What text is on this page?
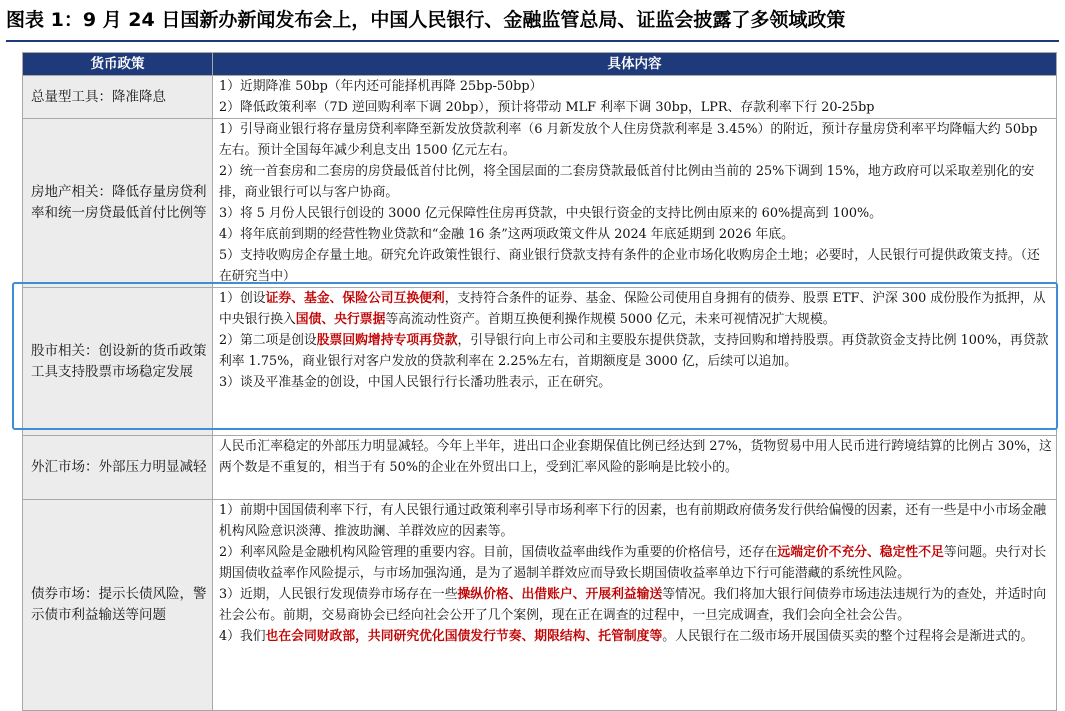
图表 1：9 月 24 日国新办新闻发布会上，中国人民银行、金融监管总局、证监会披露了多领域政策
货币政策	具体内容
总量型工具：降准降息	1）近期降准 50bp（年内还可能择机再降 25bp-50bp）

2）降低政策利率（7D 逆回购利率下调 20bp），预计将带动 MLF 利率下调 30bp，LPR、存款利率下行 20-25bp

房地产相关：降低存量房贷利率和统一房贷最低首付比例等	1）引导商业银行将存量房贷利率降至新发放贷款利率（6 月新发放个人住房贷款利率是 3.45%）的附近，预计存量房贷利率平均降幅大约 50bp 左右。预计全国每年减少利息支出 1500 亿元左右。

2）统一首套房和二套房的房贷最低首付比例，将全国层面的二套房贷款最低首付比例由当前的 25%下调到 15%，地方政府可以采取差别化的安排，商业银行可以与客户协商。

3）将 5 月份人民银行创设的 3000 亿元保障性住房再贷款，中央银行资金的支持比例由原来的 60%提高到 100%。

4）将年底前到期的经营性物业贷款和“金融 16 条”这两项政策文件从 2024 年底延期到 2026 年底。

5）支持收购房企存量土地。研究允许政策性银行、商业银行贷款支持有条件的企业市场化收购房企土地；必要时，人民银行可提供政策支持。（还在研究当中）

股市相关：创设新的货币政策工具支持股票市场稳定发展	1）创设证券、基金、保险公司互换便利，支持符合条件的证券、基金、保险公司使用自身拥有的债券、股票 ETF、沪深 300 成份股作为抵押，从中央银行换入国债、央行票据等高流动性资产。首期互换便利操作规模 5000 亿元，未来可视情况扩大规模。

2）第二项是创设股票回购增持专项再贷款，引导银行向上市公司和主要股东提供贷款，支持回购和增持股票。再贷款资金支持比例 100%，再贷款利率 1.75%，商业银行对客户发放的贷款利率在 2.25%左右，首期额度是 3000 亿，后续可以追加。

3）谈及平准基金的创设，中国人民银行行长潘功胜表示，正在研究。

外汇市场：外部压力明显减轻	人民币汇率稳定的外部压力明显减轻。今年上半年，进出口企业套期保值比例已经达到 27%，货物贸易中用人民币进行跨境结算的比例占 30%，这两个数是不重复的，相当于有 50%的企业在外贸出口上，受到汇率风险的影响是比较小的。

债券市场：提示长债风险，警示债市利益输送等问题	1）前期中国国债利率下行，有人民银行通过政策利率引导市场利率下行的因素，也有前期政府债务发行供给偏慢的因素，还有一些是中小市场金融机构风险意识淡薄、推波助澜、羊群效应的因素等。

2）利率风险是金融机构风险管理的重要内容。目前，国债收益率曲线作为重要的价格信号，还存在远端定价不充分、稳定性不足等问题。央行对长期国债收益率作风险提示，与市场加强沟通，是为了遏制羊群效应而导致长期国债收益率单边下行可能潜藏的系统性风险。

3）近期，人民银行发现债券市场存在一些操纵价格、出借账户、开展利益输送等情况。我们将加大银行间债券市场违法违规行为的查处，并适时向社会公布。前期，交易商协会已经向社会公开了几个案例，现在正在调查的过程中，一旦完成调查，我们会向全社会公告。

4）我们也在会同财政部，共同研究优化国债发行节奏、期限结构、托管制度等。人民银行在二级市场开展国债买卖的整个过程将会是渐进式的。
